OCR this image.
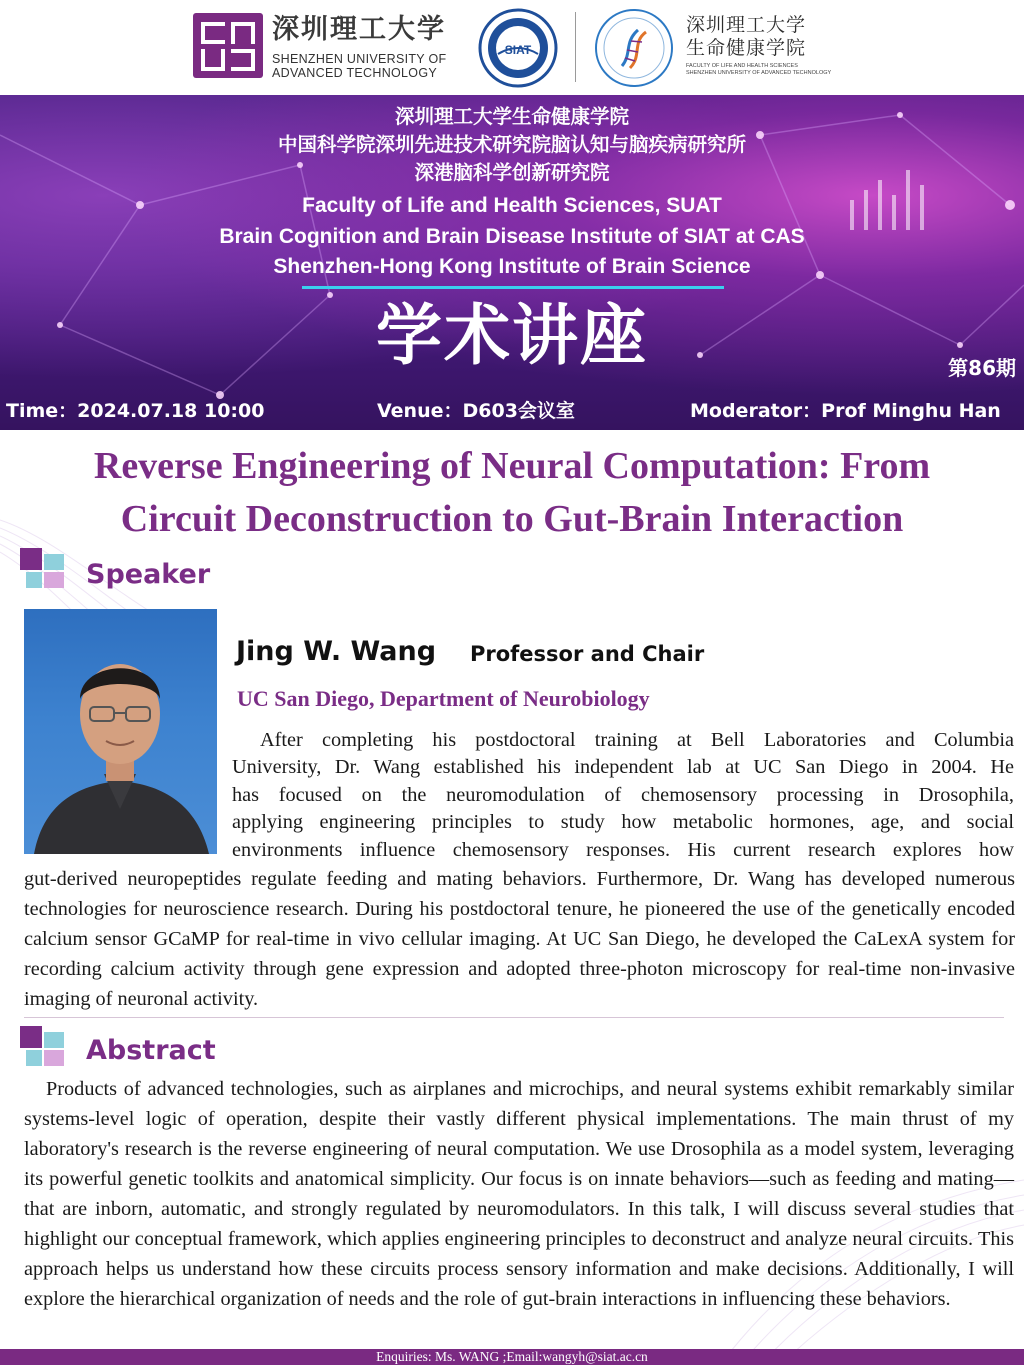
深圳理工大学
SHENZHEN UNIVERSITY OF
ADVANCED TECHNOLOGY
SIAT
深圳理工大学
生命健康学院
FACULTY OF LIFE AND HEALTH SCIENCES
SHENZHEN UNIVERSITY OF ADVANCED TECHNOLOGY
深圳理工大学生命健康学院
中国科学院深圳先进技术研究院脑认知与脑疾病研究所
深港脑科学创新研究院
Faculty of Life and Health Sciences, SUAT
Brain Cognition and Brain Disease Institute of SIAT at CAS
Shenzhen-Hong Kong Institute of Brain Science
学术讲座	第86期
Time：2024.07.18 10:00	Venue：D603会议室	Moderator：Prof Minghu Han
Reverse Engineering of Neural Computation: From
Circuit Deconstruction to Gut-Brain Interaction
Speaker
Jing W. Wang Professor and Chair
UC San Diego, Department of Neurobiology
After completing his postdoctoral training at Bell Laboratories and Columbia
University, Dr. Wang established his independent lab at UC San Diego in 2004. He
has focused on the neuromodulation of chemosensory processing in Drosophila,
applying engineering principles to study how metabolic hormones, age, and social
environments influence chemosensory responses. His current research explores how
gut-derived neuropeptides regulate feeding and mating behaviors. Furthermore, Dr. Wang has developed numerous technologies for neuroscience research. During his postdoctoral tenure, he pioneered the use of the genetically encoded calcium sensor GCaMP for real-time in vivo cellular imaging. At UC San Diego, he developed the CaLexA system for recording calcium activity through gene expression and adopted three-photon microscopy for real-time non-invasive imaging of neuronal activity.
Abstract
Products of advanced technologies, such as airplanes and microchips, and neural systems exhibit remarkably similar systems-level logic of operation, despite their vastly different physical implementations. The main thrust of my laboratory's research is the reverse engineering of neural computation. We use Drosophila as a model system, leveraging its powerful genetic toolkits and anatomical simplicity. Our focus is on innate behaviors—such as feeding and mating—that are inborn, automatic, and strongly regulated by neuromodulators. In this talk, I will discuss several studies that highlight our conceptual framework, which applies engineering principles to deconstruct and analyze neural circuits. This approach helps us understand how these circuits process sensory information and make decisions. Additionally, I will explore the hierarchical organization of needs and the role of gut-brain interactions in influencing these behaviors.
Enquiries: Ms. WANG ;Email:wangyh@siat.ac.cn
